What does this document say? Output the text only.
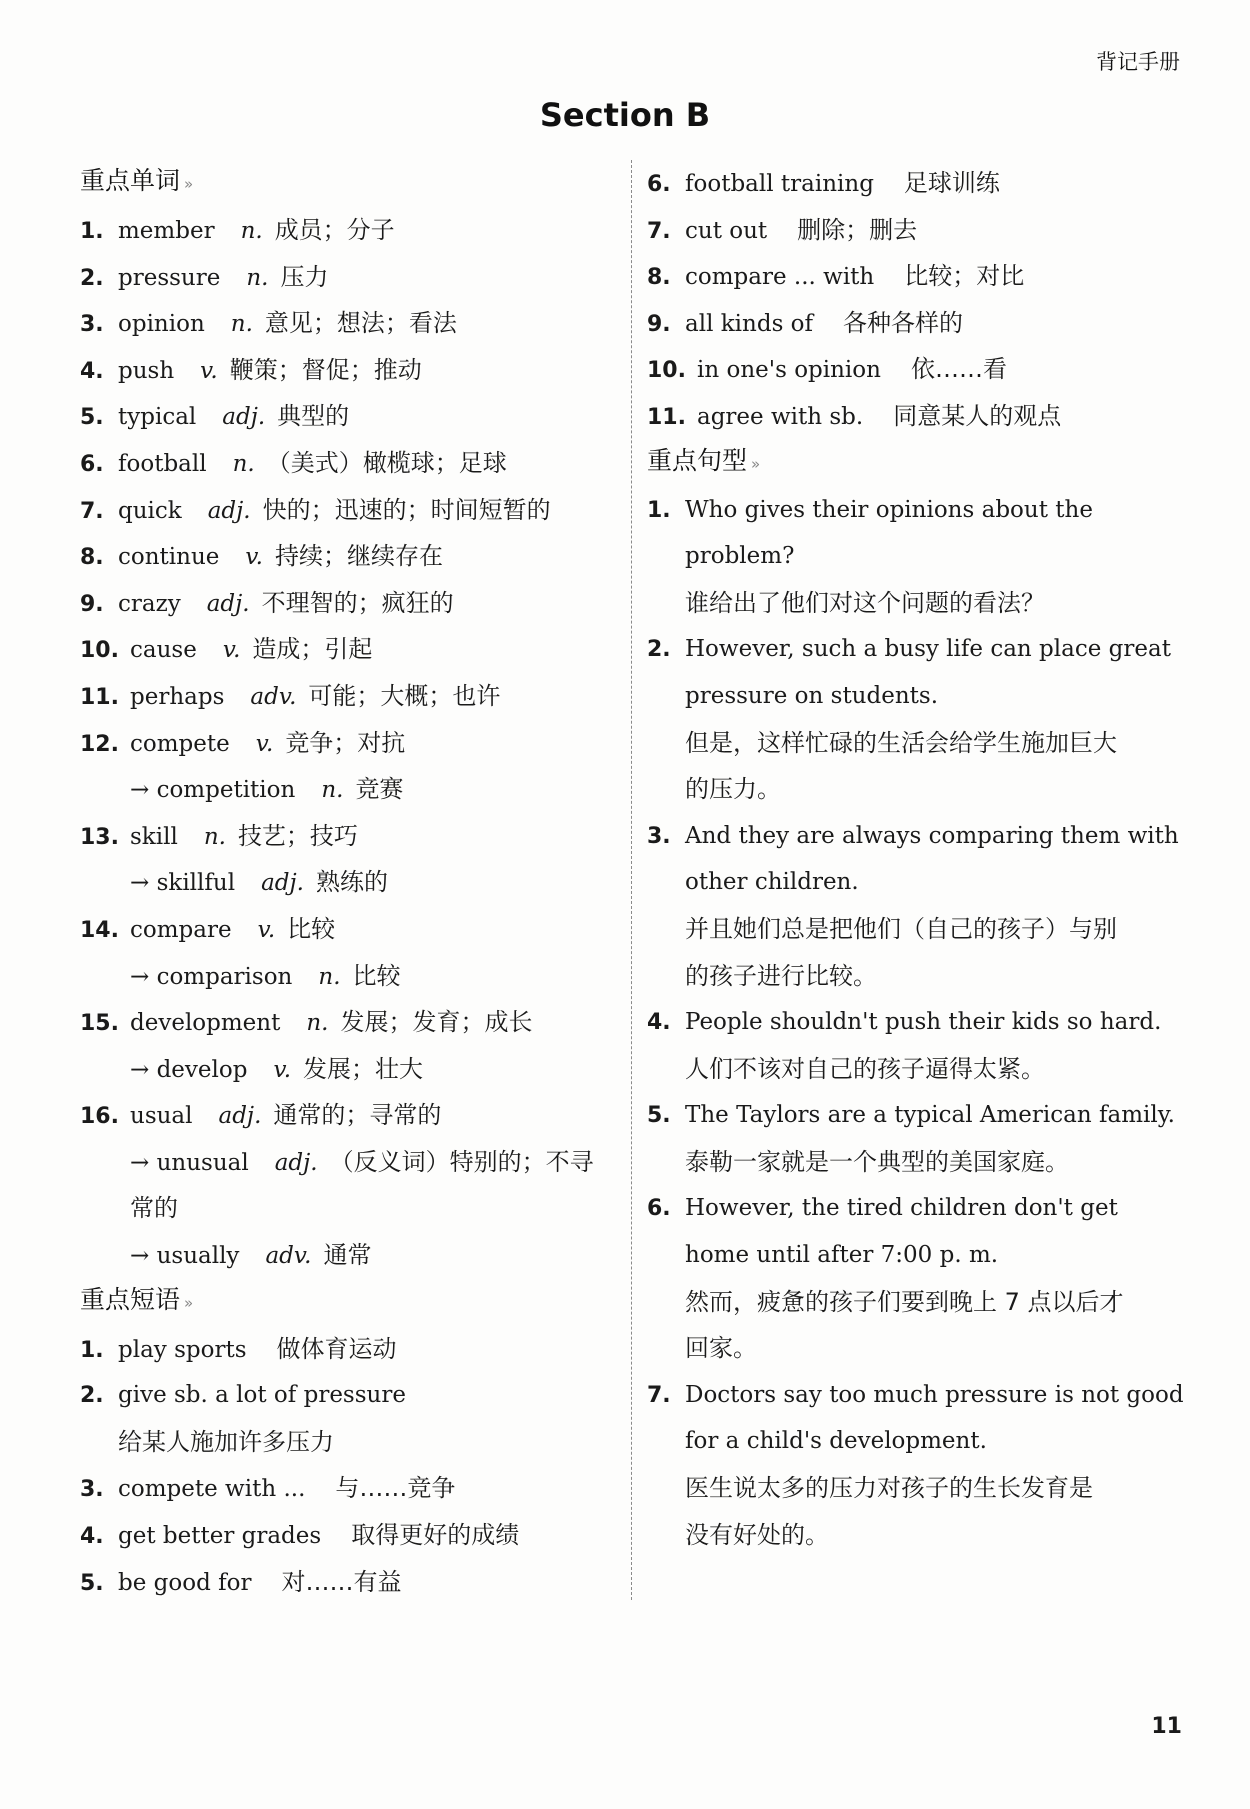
背记手册
Section B
重点单词 »
1. member n. 成员；分子
2. pressure n. 压力
3. opinion n. 意见；想法；看法
4. push v. 鞭策；督促；推动
5. typical adj. 典型的
6. football n. （美式）橄榄球；足球
7. quick adj. 快的；迅速的；时间短暂的
8. continue v. 持续；继续存在
9. crazy adj. 不理智的；疯狂的
10. cause v. 造成；引起
11. perhaps adv. 可能；大概；也许
12. compete v. 竞争；对抗
→ competition n. 竞赛
13. skill n. 技艺；技巧
→ skillful adj. 熟练的
14. compare v. 比较
→ comparison n. 比较
15. development n. 发展；发育；成长
→ develop v. 发展；壮大
16. usual adj. 通常的；寻常的
→ unusual adj. （反义词）特别的；不寻
常的
→ usually adv. 通常
重点短语 »
1. play sports 做体育运动
2. give sb. a lot of pressure
给某人施加许多压力
3. compete with ... 与……竞争
4. get better grades 取得更好的成绩
5. be good for 对……有益
6. football training 足球训练
7. cut out 删除；删去
8. compare ... with 比较；对比
9. all kinds of 各种各样的
10. in one's opinion 依……看
11. agree with sb. 同意某人的观点
重点句型 »
1. Who gives their opinions about the
problem?
谁给出了他们对这个问题的看法？
2. However, such a busy life can place great
pressure on students.
但是，这样忙碌的生活会给学生施加巨大
的压力。
3. And they are always comparing them with
other children.
并且她们总是把他们（自己的孩子）与别
的孩子进行比较。
4. People shouldn't push their kids so hard.
人们不该对自己的孩子逼得太紧。
5. The Taylors are a typical American family.
泰勒一家就是一个典型的美国家庭。
6. However, the tired children don't get
home until after 7:00 p. m.
然而，疲惫的孩子们要到晚上 7 点以后才
回家。
7. Doctors say too much pressure is not good
for a child's development.
医生说太多的压力对孩子的生长发育是
没有好处的。
11
